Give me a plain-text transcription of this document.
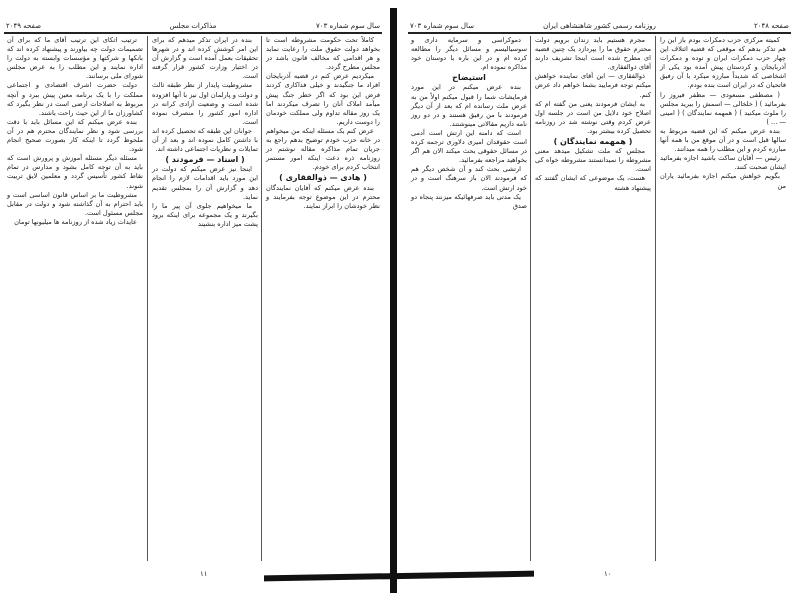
صفحه ۲۰۴۹	مذاکرات مجلس	سال سوم شماره ۷۰۳

ترتیب اتکای این ترتیب آقای ما که برای آن تصمیمات دولت چه بیاورند و پیشنهاد کرده اند که بانکها و شرکتها و مؤسسات وابسته به دولت را اداره نمایند و این مطلب را به عرض مجلس شورای ملی برسانند.

دولت حضرت اشرف اقتصادی و اجتماعی مملکت را با یک برنامه معین پیش ببرد و آنچه مربوط به اصلاحات ارضی است در نظر بگیرد که کشاورزان ما از این حیث راحت باشند.

بنده عرض میکنم که این مسائل باید با دقت بررسی شود و نظر نمایندگان محترم هم در آن ملحوظ گردد تا اینکه کار بصورت صحیح انجام شود.

مسئله دیگر مسئله آموزش و پرورش است که باید به آن توجه کامل بشود و مدارس در تمام نقاط کشور تأسیس گردد و معلمین لایق تربیت شوند.

مشروطیت ما بر اساس قانون اساسی است و باید احترام به آن گذاشته شود و دولت در مقابل مجلس مسئول است.

عایدات زیاد شده از روزنامه ها میلیونها تومان

بنده در ایران تذکر میدهم که برای این امر کوشش کرده اند و در شهرها تحقیقات بعمل آمده است و گزارش آن در اختیار وزارت کشور قرار گرفته است.

مشروطیت پایدار از نظر طبقه ثالث و دولت و پارلمان اول نیز با آنها افزوده شده است و وضعیت آزادی کرانه در اداره امور کشور را منصرف نموده است.

جوانان این طبقه که تحصیل کرده اند با داشتن کامل نموده اند و بعد از آن تمایلات و نظریات اجتماعی داشته اند.

( اسناد — فرمودند )

اینجا نیز عرض میکنم که دولت در این مورد باید اقدامات لازم را انجام دهد و گزارش آن را بمجلس تقدیم نماید.

ما میخواهیم جلوی آن پیر ما را بگیرند و یک مجموعه برای اینکه برود پشت میز اداره بنشیند

کاملاً تحت حکومت مشروطه است تا بخواهد دولت حقوق ملت را رعایت نماید و هر اقدامی که مخالف قانون باشد در مجلس مطرح گردد.

میکردیم عرض کنم در قضیه آذربایجان افراد ما جنگیدند و خیلی فداکاری کردند فرض این بود که اگر خطر جنگ پیش میآمد املاک آنان را تصرف میکردند اما یک روز مقاله تداوم ولی مملکت خودمان را دوست داریم.

عرض کنم یک مسئله اینکه من میخواهم در خانه حزب خودم توضیح بدهم راجع به جریان تمام مذاکره مقاله نوشتم در روزنامه ذره دعت اینکه امور مستمر انتخاب کردم برای خودم.

( هادی — ذوالفقاری )

بنده عرض میکنم که آقایان نمایندگان محترم در این موضوع توجه بفرمایند و نظر خودشان را ابراز نمایند.

۱۱
سال سوم شماره ۷۰۳	روزنامه رسمی کشور شاهنشاهی ایران	صفحه ۲۰۴۸

دموکراسی و سرمایه داری و سوسیالیسم و مسائل دیگر را مطالعه کرده ام و در این باره با دوستان خود مذاکره نموده ام.

استیضاح

بنده عرض میکنم در این مورد فرمایشات شما را قبول میکنم اولاً من به عرض ملت رسانده ام که بعد از آن دیگر فرمودند با من رفیق هستند و در دو روز نامه داریم مقالاتی مینوشتند.

است که دامنه این ارتش است آدمی است حقوقدان امیری دلاوری ترجمه کرده در مسائل حقوقی بحث میکند الان هم اگر بخواهید مراجعه بفرمائید.

ارتشی بحث کند و آن شخص دیگر هم که فرمودند الان باز سرهنگ است و در خود ارتش است.

یک مدتی باید صرفهائیکه میزنند پنجاه دو صدق

مجرم هستیم باید زندان برویم دولت محترم حقوق ما را بپردازد یک چنین قضیه ای مطرح شده است اینجا تشریف دارند آقای ذوالفقاری.

ذوالفقاری — این آقای نماینده خواهش میکنم توجه فرمایید بشما خواهم داد عرض کنم.

به ایشان فرمودند یعنی من گفته ام که اصلاح خود دلایل من است در جلسه اول عرض کردم وقتی نوشته شد در روزنامه تحصیل کرده بیشتر بود.

( همهمه نمایندگان )

مجلس که ملت تشکیل میدهد معنی مشروطه را نمیدانستند مشروطه خواه کی است.

هست، یک موضوعی که ایشان گفتند که پیشنهاد هشته

کمیته مرکزی حزب دمکرات بودم باز این را هم تذکر بدهم که موقعی که قضیه ائتلاف این چهار حزب دمکرات ایران و توده و دمکرات آذربایجان و کردستان پیش آمده بود یکی از اشخاصی که شدیداً مبارزه میکرد با آن رفیق فاتحیان که در ایران است بنده بودم.

( مصطفی مسعودی — مظفر فیروز را بفرمائید ) ( خلخالی — اسمش را ببرید مجلس را ملوث میکنید ) ( همهمه نمایندگان ) ( امینی — ... )

بنده عرض میکنم که این قضیه مربوط به سالها قبل است و در آن موقع من با همه آنها مبارزه کردم و این مطلب را همه میدانند.

رئیس — آقایان ساکت باشید اجازه بفرمائید ایشان صحبت کنند.

بگویم خواهش میکنم اجازه بفرمائید یاران من

۱۰
